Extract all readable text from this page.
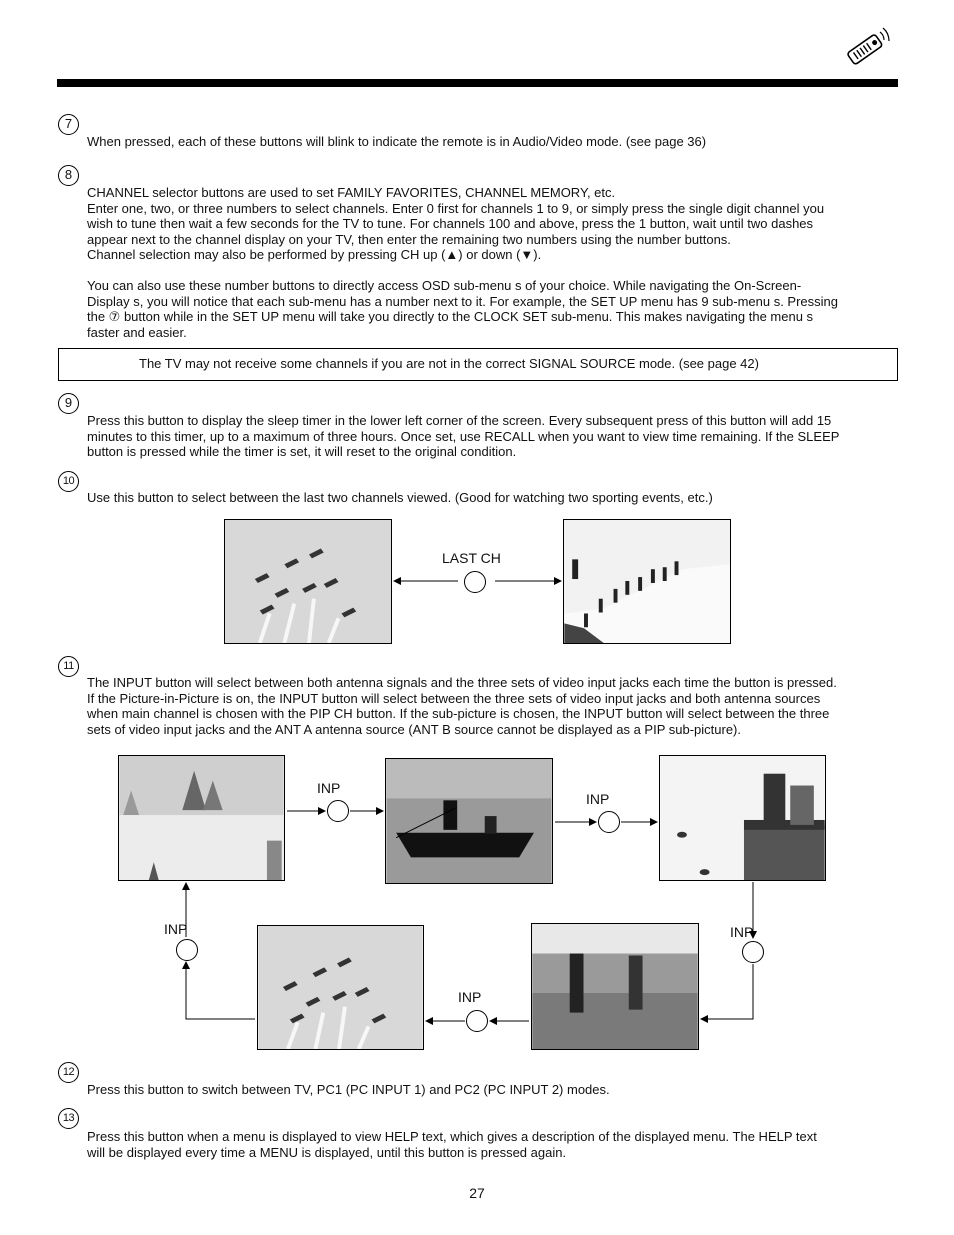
7
When pressed, each of these buttons will blink to indicate the remote is in Audio/Video mode. (see page 36)
8
CHANNEL selector buttons are used to set FAMILY FAVORITES, CHANNEL MEMORY, etc.
Enter one, two, or three numbers to select channels. Enter 0 first for channels 1 to 9, or simply press the single digit channel you
wish to tune then wait a few seconds for the TV to tune. For channels 100 and above, press the 1 button, wait until two dashes
appear next to the channel display on your TV, then enter the remaining two numbers using the number buttons.
Channel selection may also be performed by pressing CH up (▲) or down (▼).
You can also use these number buttons to directly access OSD sub-menu s of your choice. While navigating the On-Screen-
Display s, you will notice that each sub-menu has a number next to it. For example, the SET UP menu has 9 sub-menu s. Pressing
the ⑦ button while in the SET UP menu will take you directly to the CLOCK SET sub-menu. This makes navigating the menu s
faster and easier.
The TV may not receive some channels if you are not in the correct SIGNAL SOURCE mode. (see page 42)
9
Press this button to display the sleep timer in the lower left corner of the screen. Every subsequent press of this button will add 15
minutes to this timer, up to a maximum of three hours. Once set, use RECALL when you want to view time remaining. If the SLEEP
button is pressed while the timer is set, it will reset to the original condition.
10
Use this button to select between the last two channels viewed. (Good for watching two sporting events, etc.)
LAST CH
11
The INPUT button will select between both antenna signals and the three sets of video input jacks each time the button is pressed.
If the Picture-in-Picture is on, the INPUT button will select between the three sets of video input jacks and both antenna sources
when main channel is chosen with the PIP CH button. If the sub-picture is chosen, the INPUT button will select between the three
sets of video input jacks and the ANT A antenna source (ANT B source cannot be displayed as a PIP sub-picture).
INP
INP
INP
INP
INP
12
Press this button to switch between TV, PC1 (PC INPUT 1) and PC2 (PC INPUT 2) modes.
13
Press this button when a menu is displayed to view HELP text, which gives a description of the displayed menu. The HELP text
will be displayed every time a MENU is displayed, until this button is pressed again.
27
